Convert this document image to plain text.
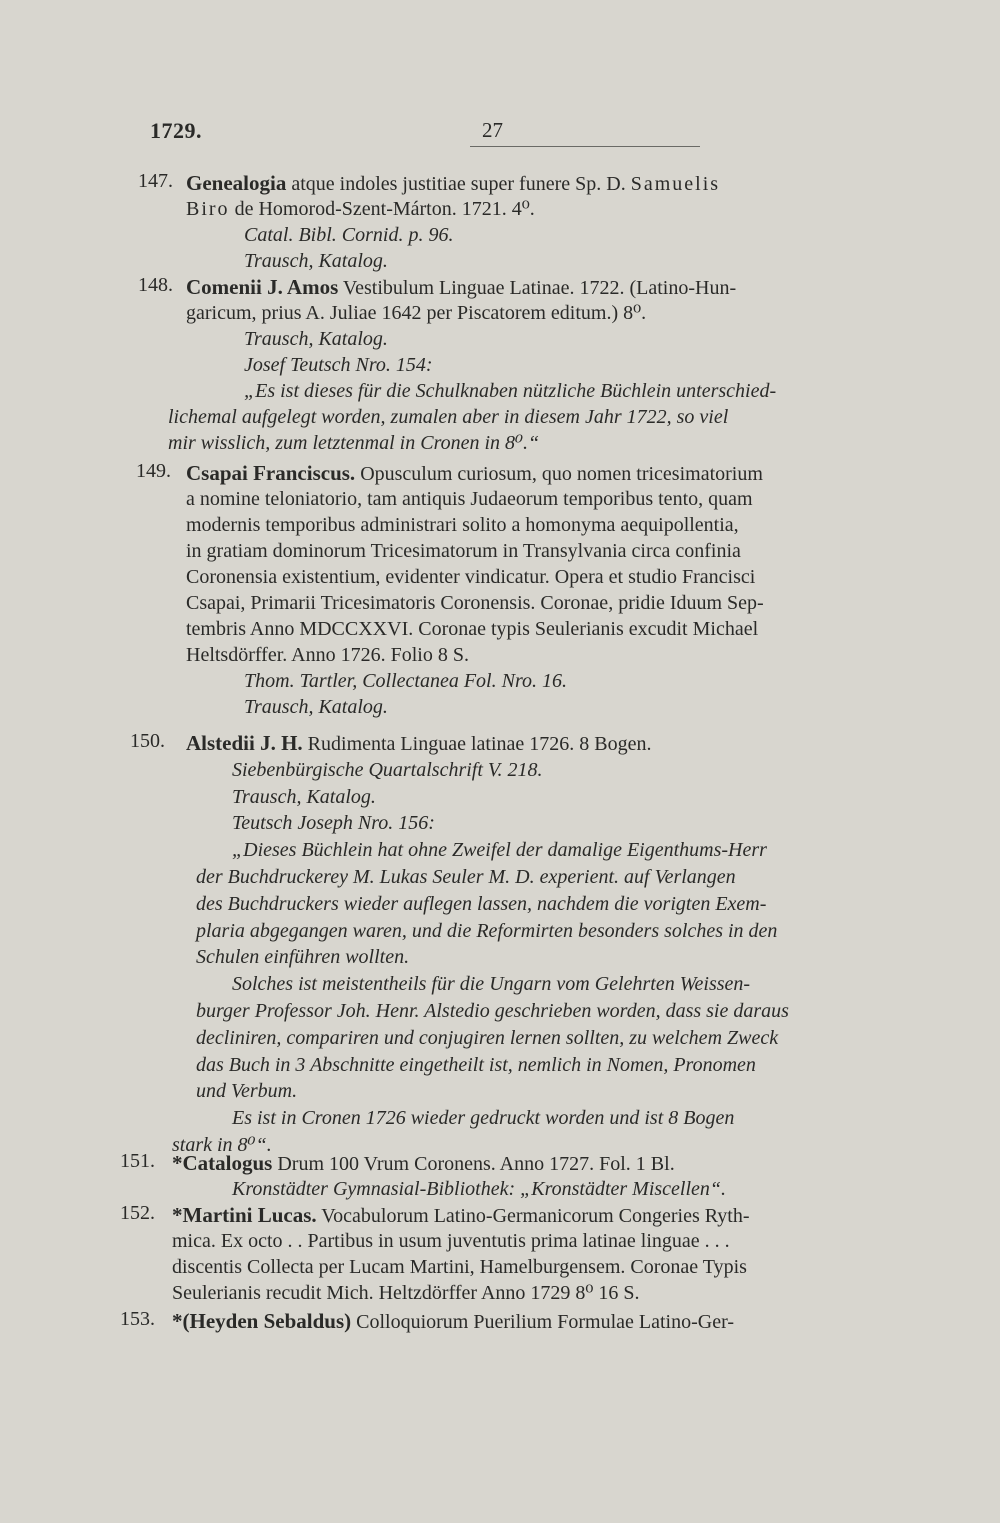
1729.	27
147. Genealogia atque indoles justitiae super funere Sp. D. Samuelis
Biro de Homorod-Szent-Márton. 1721. 4⁰.
Catal. Bibl. Cornid. p. 96.
Trausch, Katalog.
148. Comenii J. Amos Vestibulum Linguae Latinae. 1722. (Latino-Hun-
garicum, prius A. Juliae 1642 per Piscatorem editum.) 8⁰.
Trausch, Katalog.
Josef Teutsch Nro. 154:
„Es ist dieses für die Schulknaben nützliche Büchlein unterschied-
lichemal aufgelegt worden, zumalen aber in diesem Jahr 1722, so viel
mir wisslich, zum letztenmal in Cronen in 8⁰.“
149. Csapai Franciscus. Opusculum curiosum, quo nomen tricesimatorium
a nomine teloniatorio, tam antiquis Judaeorum temporibus tento, quam
modernis temporibus administrari solito a homonyma aequipollentia,
in gratiam dominorum Tricesimatorum in Transylvania circa confinia
Coronensia existentium, evidenter vindicatur. Opera et studio Francisci
Csapai, Primarii Tricesimatoris Coronensis. Coronae, pridie Iduum Sep-
tembris Anno MDCCXXVI. Coronae typis Seulerianis excudit Michael
Heltsdörffer. Anno 1726. Folio 8 S.
Thom. Tartler, Collectanea Fol. Nro. 16.
Trausch, Katalog.
150. Alstedii J. H. Rudimenta Linguae latinae 1726. 8 Bogen.
Siebenbürgische Quartalschrift V. 218.
Trausch, Katalog.
Teutsch Joseph Nro. 156:
„Dieses Büchlein hat ohne Zweifel der damalige Eigenthums-Herr
der Buchdruckerey M. Lukas Seuler M. D. experient. auf Verlangen
des Buchdruckers wieder auflegen lassen, nachdem die vorigten Exem-
plaria abgegangen waren, und die Reformirten besonders solches in den
Schulen einführen wollten.
Solches ist meistentheils für die Ungarn vom Gelehrten Weissen-
burger Professor Joh. Henr. Alstedio geschrieben worden, dass sie daraus
decliniren, compariren und conjugiren lernen sollten, zu welchem Zweck
das Buch in 3 Abschnitte eingetheilt ist, nemlich in Nomen, Pronomen
und Verbum.
Es ist in Cronen 1726 wieder gedruckt worden und ist 8 Bogen
stark in 8⁰“.
151. *Catalogus Drum 100 Vrum Coronens. Anno 1727. Fol. 1 Bl.
Kronstädter Gymnasial-Bibliothek: „Kronstädter Miscellen“.
152. *Martini Lucas. Vocabulorum Latino-Germanicorum Congeries Ryth-
mica. Ex octo . . Partibus in usum juventutis prima latinae linguae . . .
discentis Collecta per Lucam Martini, Hamelburgensem. Coronae Typis
Seulerianis recudit Mich. Heltzdörffer Anno 1729 8⁰ 16 S.
153. *(Heyden Sebaldus) Colloquiorum Puerilium Formulae Latino-Ger-
